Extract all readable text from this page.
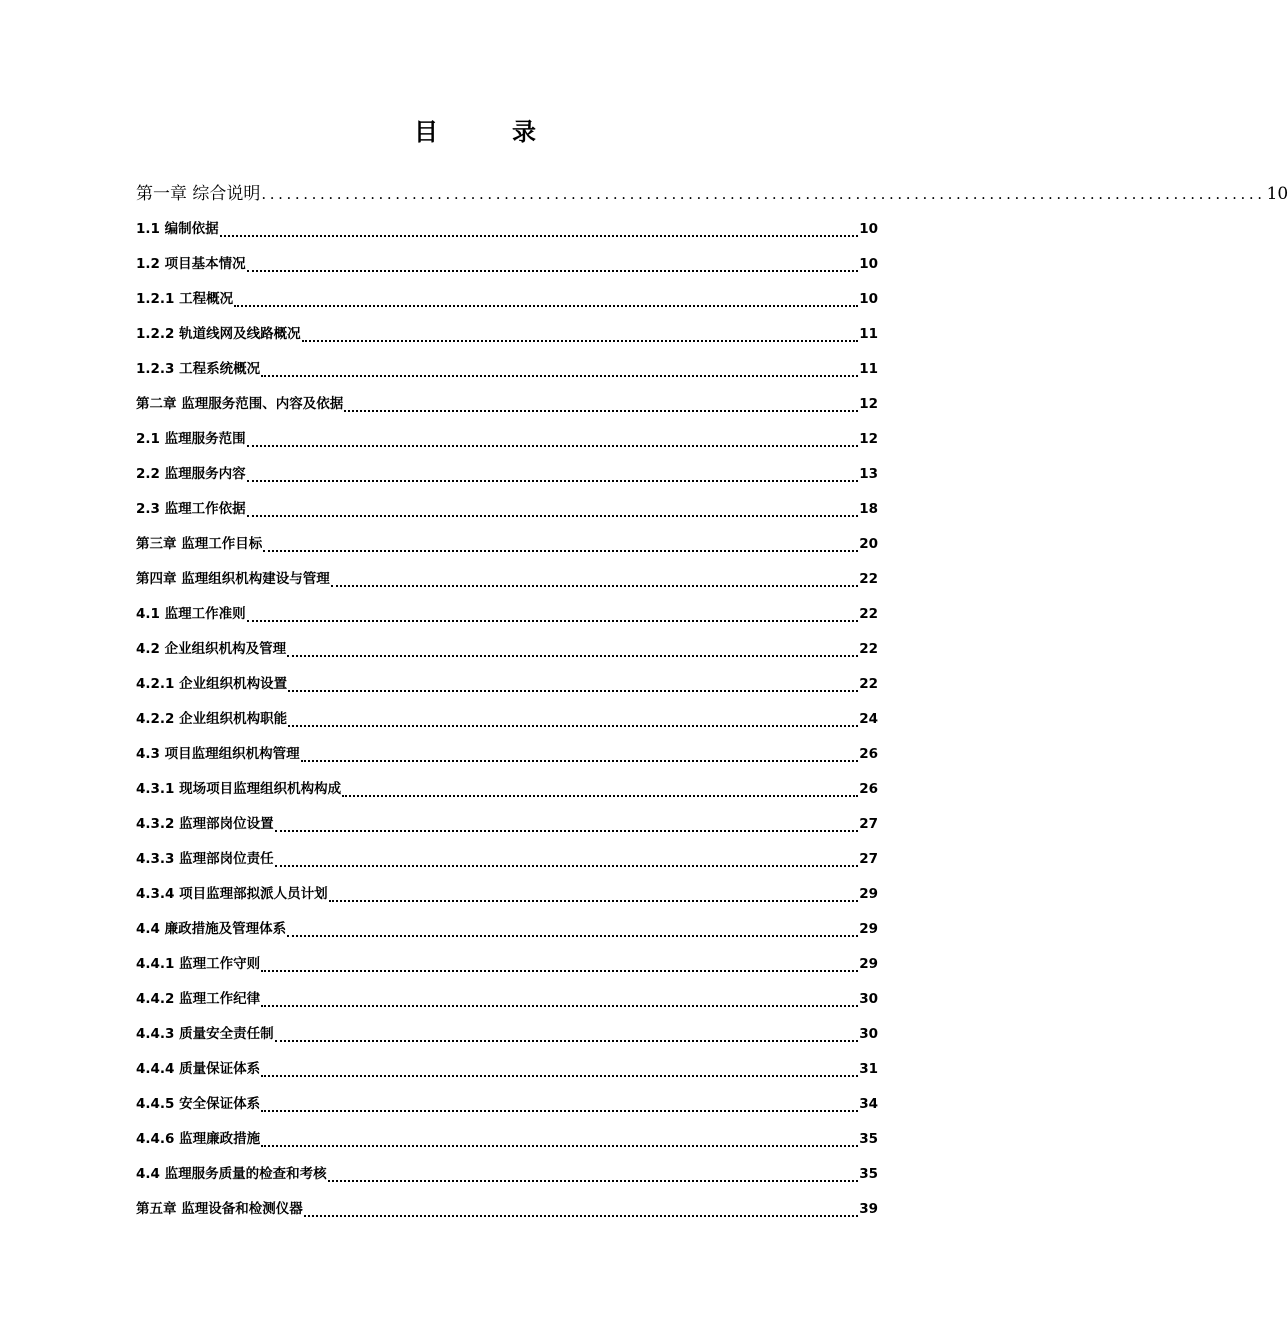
目录
第一章 综合说明 ........................................................................................................................ 10
1.1 编制依据	10
1.2 项目基本情况	10
1.2.1 工程概况	10
1.2.2 轨道线网及线路概况	11
1.2.3 工程系统概况	11
第二章 监理服务范围、内容及依据	12
2.1 监理服务范围	12
2.2 监理服务内容	13
2.3 监理工作依据	18
第三章 监理工作目标	20
第四章 监理组织机构建设与管理	22
4.1 监理工作准则	22
4.2 企业组织机构及管理	22
4.2.1 企业组织机构设置	22
4.2.2 企业组织机构职能	24
4.3 项目监理组织机构管理	26
4.3.1 现场项目监理组织机构构成	26
4.3.2 监理部岗位设置	27
4.3.3 监理部岗位责任	27
4.3.4 项目监理部拟派人员计划	29
4.4 廉政措施及管理体系	29
4.4.1 监理工作守则	29
4.4.2 监理工作纪律	30
4.4.3 质量安全责任制	30
4.4.4 质量保证体系	31
4.4.5 安全保证体系	34
4.4.6 监理廉政措施	35
4.4 监理服务质量的检查和考核	35
第五章 监理设备和检测仪器	39
